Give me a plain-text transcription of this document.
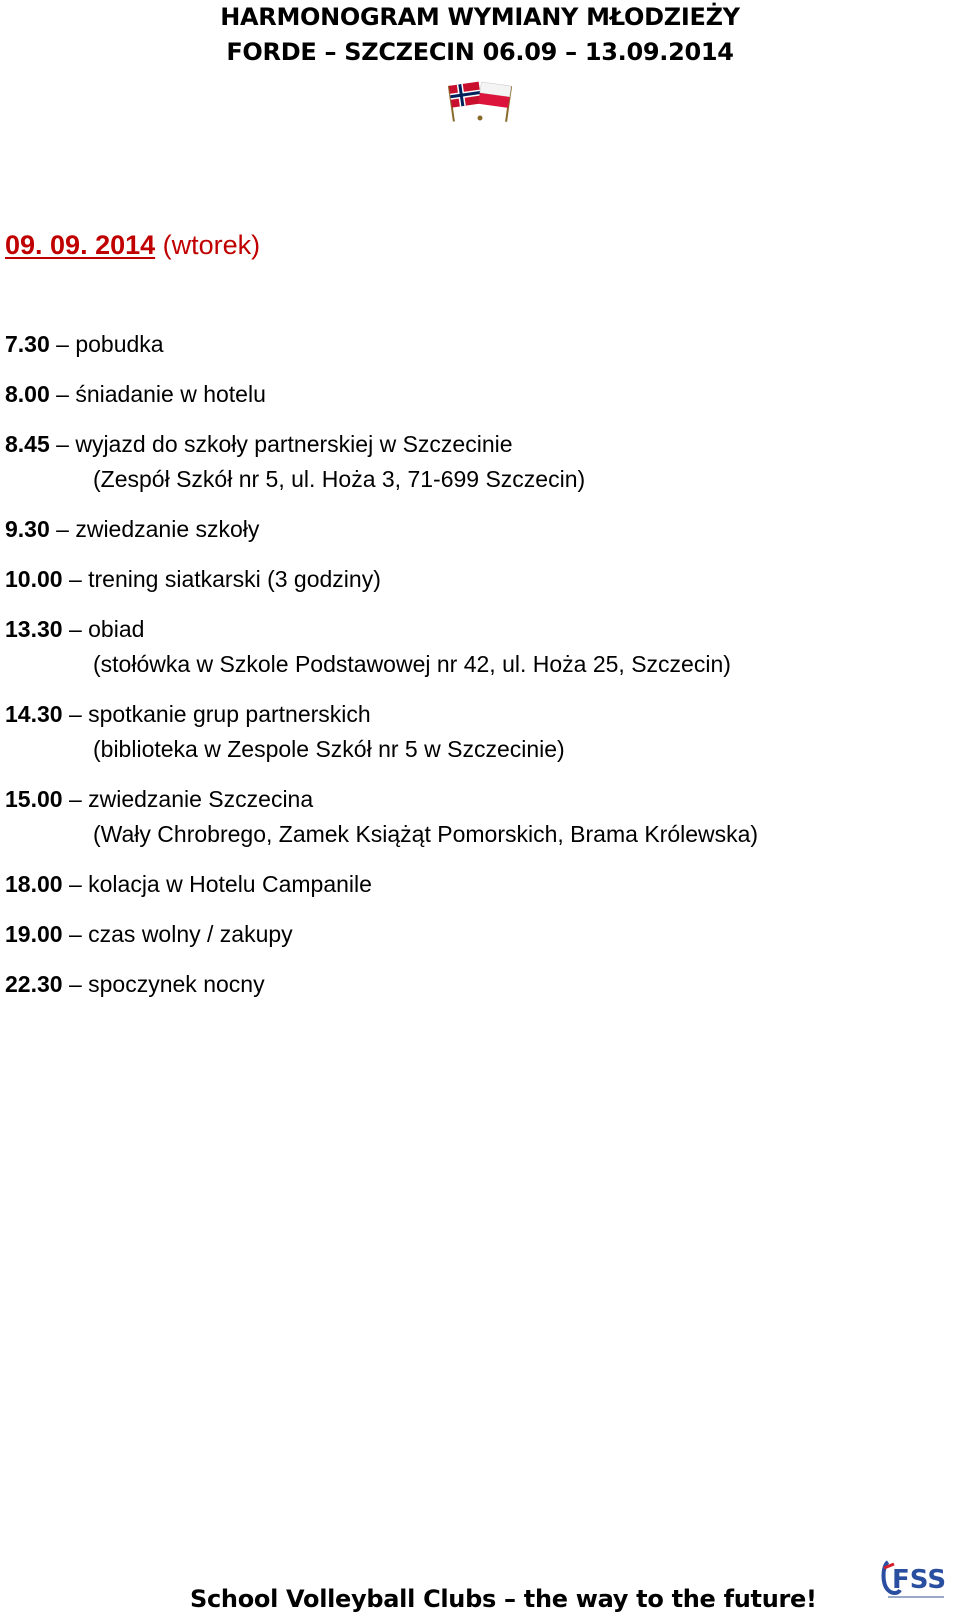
HARMONOGRAM WYMIANY MŁODZIEŻY
FORDE – SZCZECIN 06.09 – 13.09.2014
09. 09. 2014 (wtorek)
7.30 – pobudka
8.00 – śniadanie w hotelu
8.45 – wyjazd do szkoły partnerskiej w Szczecinie
(Zespół Szkół nr 5, ul. Hoża 3, 71-699 Szczecin)
9.30 – zwiedzanie szkoły
10.00 – trening siatkarski (3 godziny)
13.30 – obiad
(stołówka w Szkole Podstawowej nr 42, ul. Hoża 25, Szczecin)
14.30 – spotkanie grup partnerskich
(biblioteka w Zespole Szkół nr 5 w Szczecinie)
15.00 – zwiedzanie Szczecina
(Wały Chrobrego, Zamek Książąt Pomorskich, Brama Królewska)
18.00 – kolacja w Hotelu Campanile
19.00 – czas wolny / zakupy
22.30 – spoczynek nocny
School Volleyball Clubs – the way to the future!
FSS
